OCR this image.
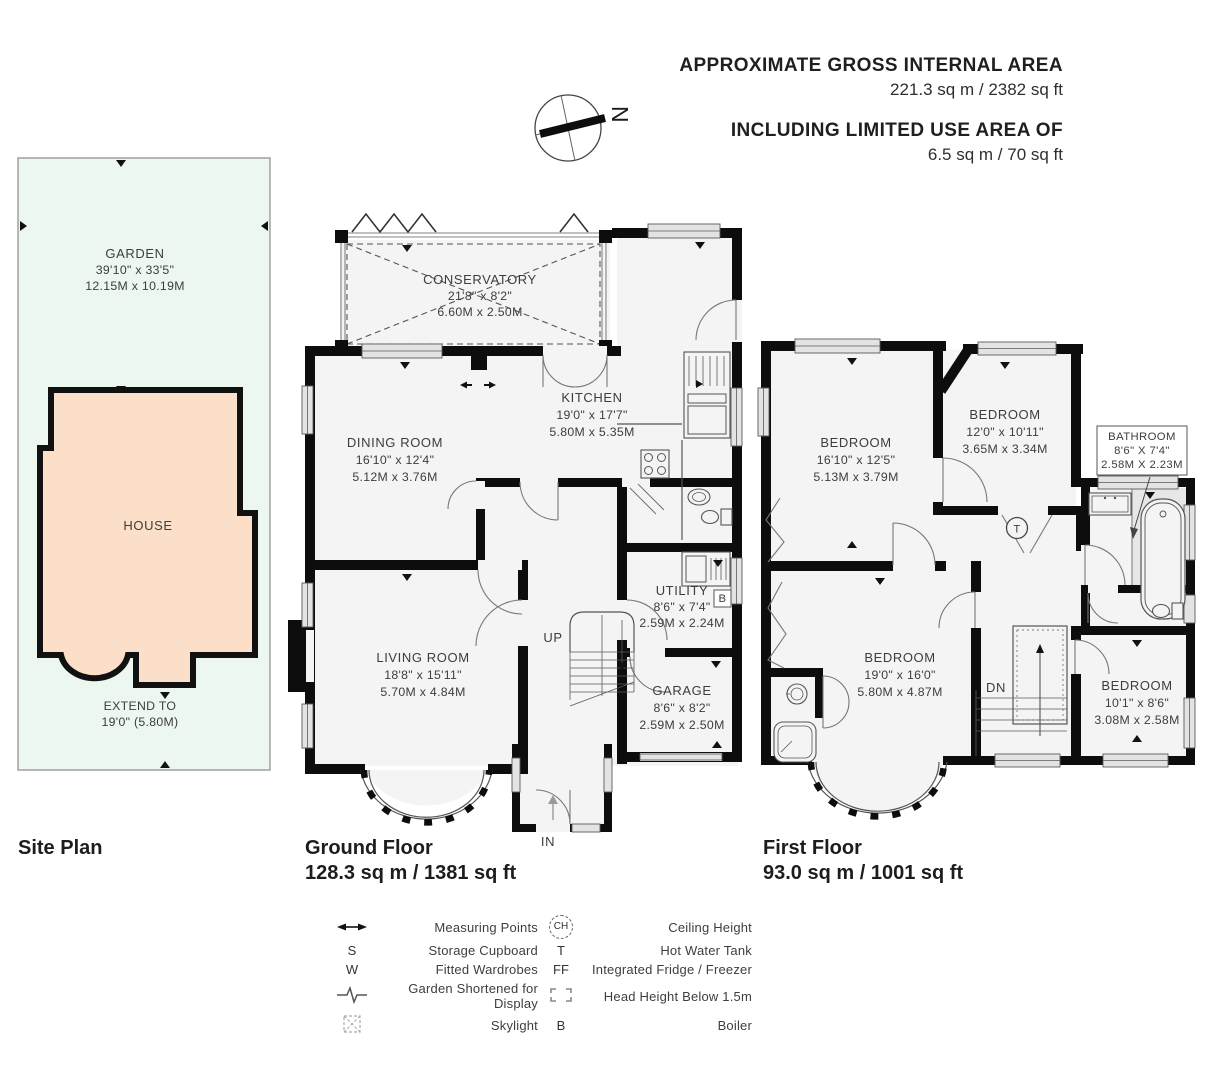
APPROXIMATE GROSS INTERNAL AREA
221.3 sq m / 2382 sq ft
INCLUDING LIMITED USE AREA OF
6.5 sq m / 70 sq ft
Site Plan	Ground Floor
128.3 sq m / 1381 sq ft
First Floor
93.0 sq m / 1001 sq ft
N
GARDEN
39'10" x 33'5"
12.15M x 10.19M
HOUSE
EXTEND TO
19'0" (5.80M)
UP
B
IN
CONSERVATORY
21'8" x 8'2"
6.60M x 2.50M
KITCHEN
19'0" x 17'7"
5.80M x 5.35M
DINING ROOM
16'10" x 12'4"
5.12M x 3.76M
LIVING ROOM
18'8" x 15'11"
5.70M x 4.84M
UTILITY
8'6" x 7'4"
2.59M x 2.24M
GARAGE
8'6" x 8'2"
2.59M x 2.50M
DN
T
BATHROOM
8'6" X 7'4"
2.58M X 2.23M
BEDROOM
16'10" x 12'5"
5.13M x 3.79M
BEDROOM
12'0" x 10'11"
3.65M x 3.34M
BEDROOM
19'0" x 16'0"
5.80M x 4.87M	BEDROOM
10'1" x 8'6"
3.08M x 2.58M
Measuring Points	CH	Ceiling Height
S	Storage Cupboard	T	Hot Water Tank
W	Fitted Wardrobes	FF	Integrated Fridge / Freezer
Garden Shortened for Display	Head Height Below 1.5m
Skylight	B	Boiler
